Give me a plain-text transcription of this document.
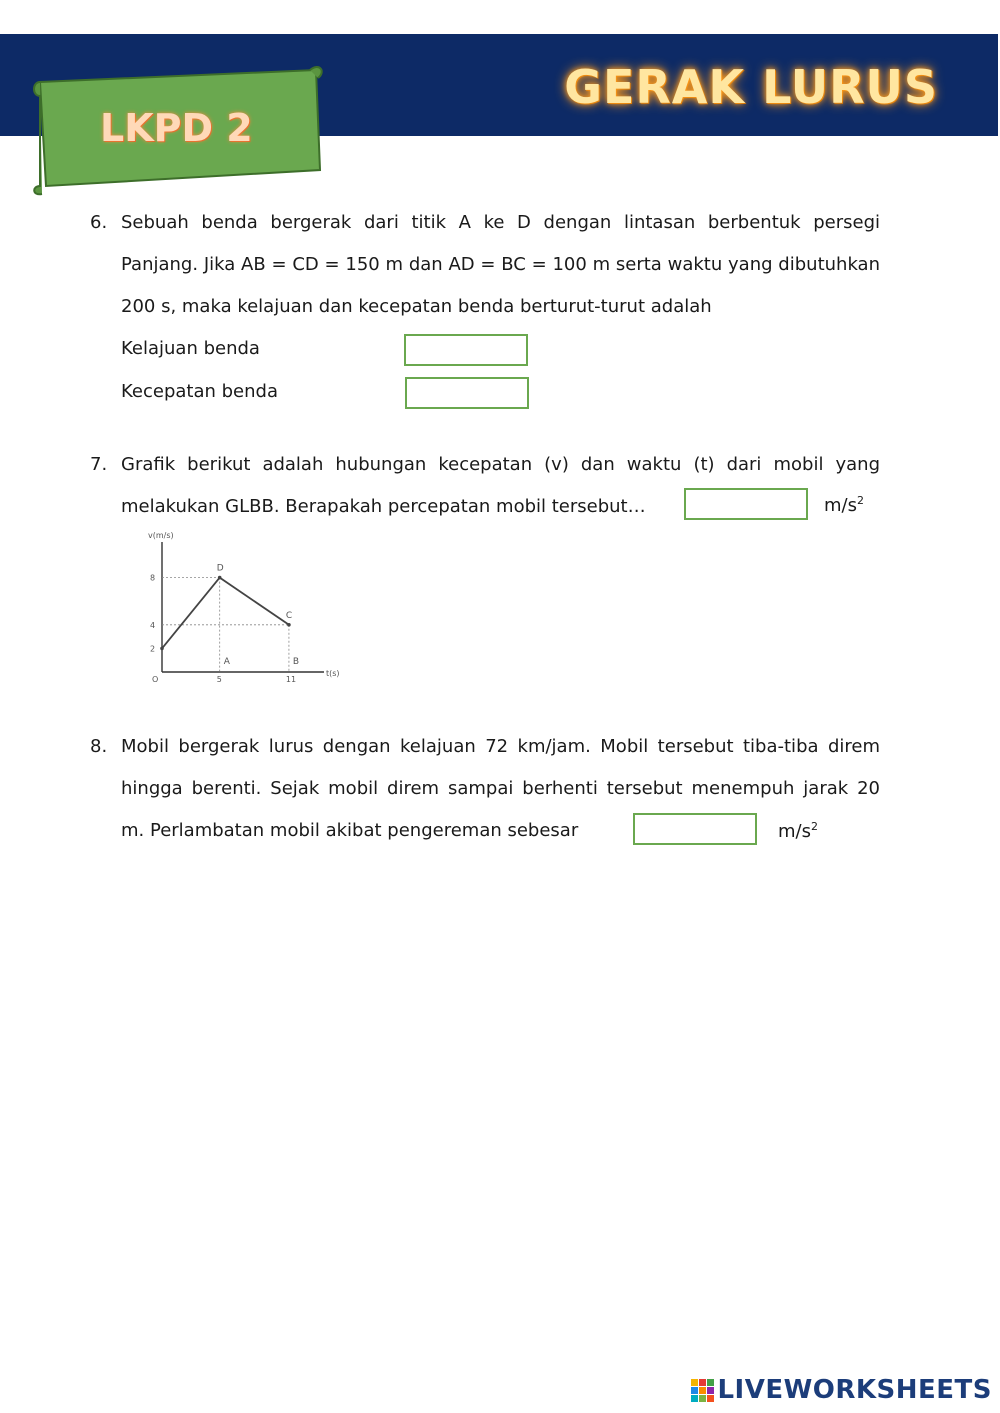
GERAK LURUS
LKPD 2
6. Sebuah benda bergerak dari titik A ke D dengan lintasan berbentuk persegi
Panjang. Jika AB = CD = 150 m dan AD = BC = 100 m serta waktu yang dibutuhkan
200 s, maka kelajuan dan kecepatan benda berturut-turut adalah
Kelajuan benda
Kecepatan benda
7. Grafik berikut adalah hubungan kecepatan (v) dan waktu (t) dari mobil yang
melakukan GLBB. Berapakah percepatan mobil tersebut…	$m/s^2$
v(m/s)
t(s)
2
4
8
O	5	11
D
C
A	B
8. Mobil bergerak lurus dengan kelajuan 72 km/jam. Mobil tersebut tiba-tiba direm
hingga berenti. Sejak mobil direm sampai berhenti tersebut menempuh jarak 20
m. Perlambatan mobil akibat pengereman sebesar	$m/s^2$
LIVEWORKSHEETS
